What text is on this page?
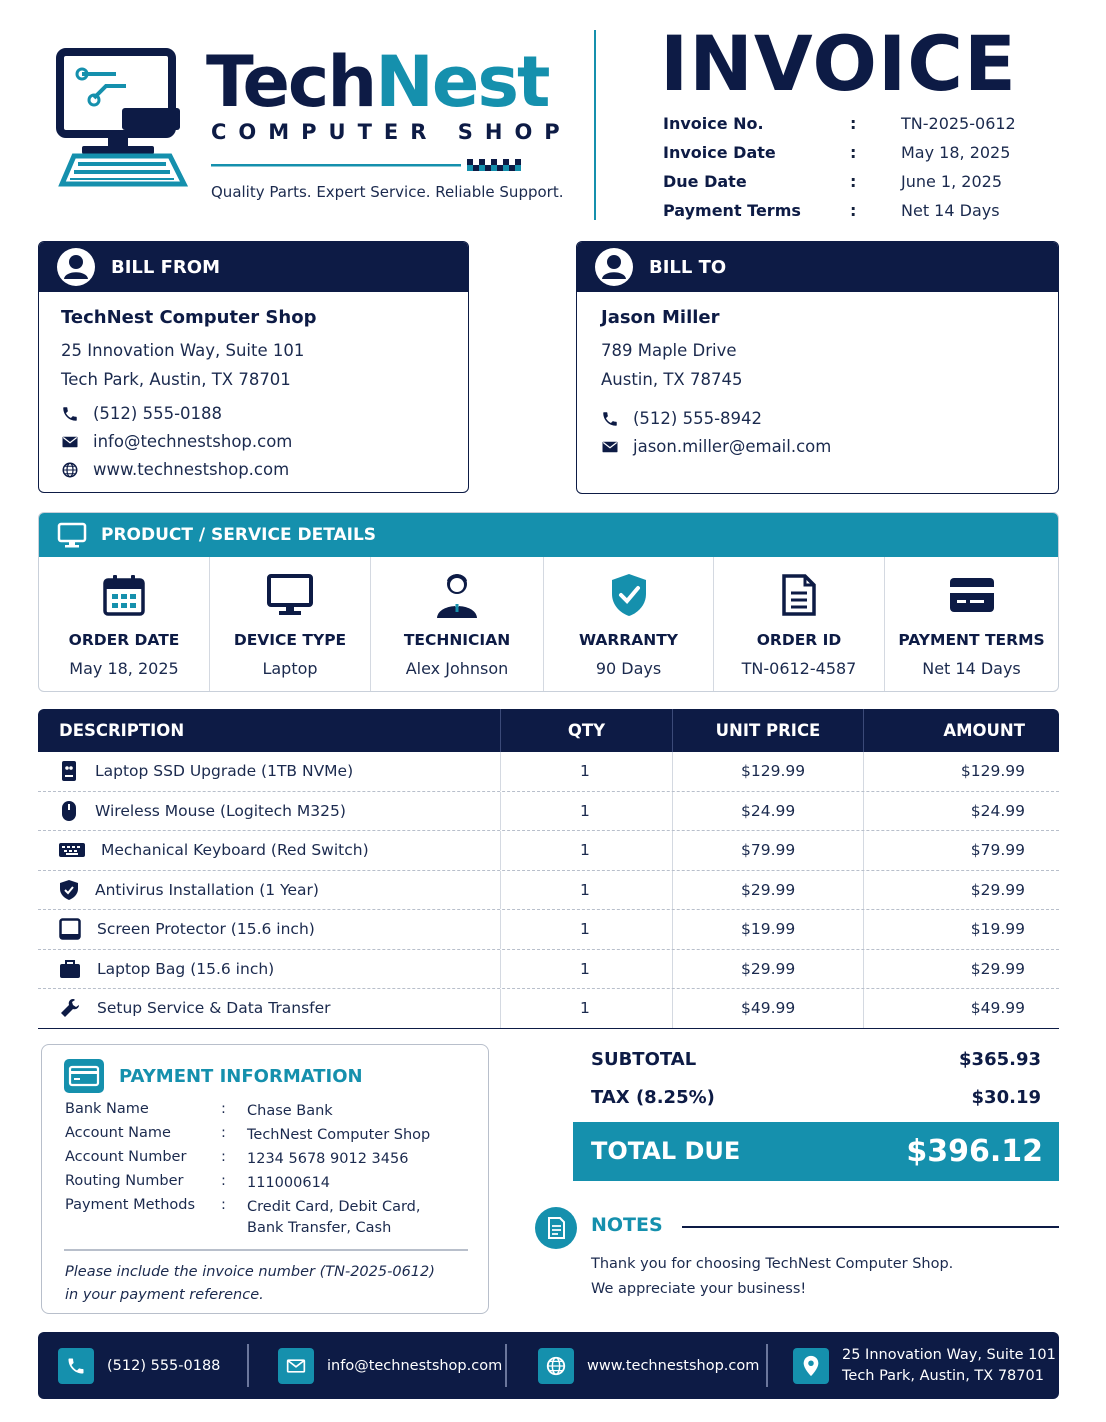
TechNest
COMPUTER SHOP
Quality Parts. Expert Service. Reliable Support.
INVOICE
Invoice No.	:	TN-2025-0612
Invoice Date	:	May 18, 2025
Due Date	:	June 1, 2025
Payment Terms	:	Net 14 Days
BILL FROM
TechNest Computer Shop
25 Innovation Way, Suite 101
Tech Park, Austin, TX 78701
(512) 555-0188
info@technestshop.com
www.technestshop.com
BILL TO
Jason Miller
789 Maple Drive
Austin, TX 78745
(512) 555-8942
jason.miller@email.com
PRODUCT / SERVICE DETAILS
ORDER DATE
May 18, 2025
DEVICE TYPE
Laptop
TECHNICIAN
Alex Johnson
WARRANTY
90 Days
ORDER ID
TN-0612-4587
PAYMENT TERMS
Net 14 Days
DESCRIPTION	QTY	UNIT PRICE	AMOUNT
Laptop SSD Upgrade (1TB NVMe)	1	$129.99	$129.99
Wireless Mouse (Logitech M325)	1	$24.99	$24.99
Mechanical Keyboard (Red Switch)	1	$79.99	$79.99
Antivirus Installation (1 Year)	1	$29.99	$29.99
Screen Protector (15.6 inch)	1	$19.99	$19.99
Laptop Bag (15.6 inch)	1	$29.99	$29.99
Setup Service & Data Transfer	1	$49.99	$49.99
PAYMENT INFORMATION
Bank Name	: Chase Bank
Account Name	: TechNest Computer Shop
Account Number : 1234 5678 9012 3456
Routing Number	: 111000614
Payment Methods : Credit Card, Debit Card,
Bank Transfer, Cash
Please include the invoice number (TN-2025-0612)
in your payment reference.
SUBTOTAL	$365.93
TAX (8.25%)	$30.19
TOTAL DUE	$396.12
NOTES
Thank you for choosing TechNest Computer Shop.
We appreciate your business!
(512) 555-0188	info@technestshop.com	www.technestshop.com
25 Innovation Way, Suite 101
Tech Park, Austin, TX 78701
